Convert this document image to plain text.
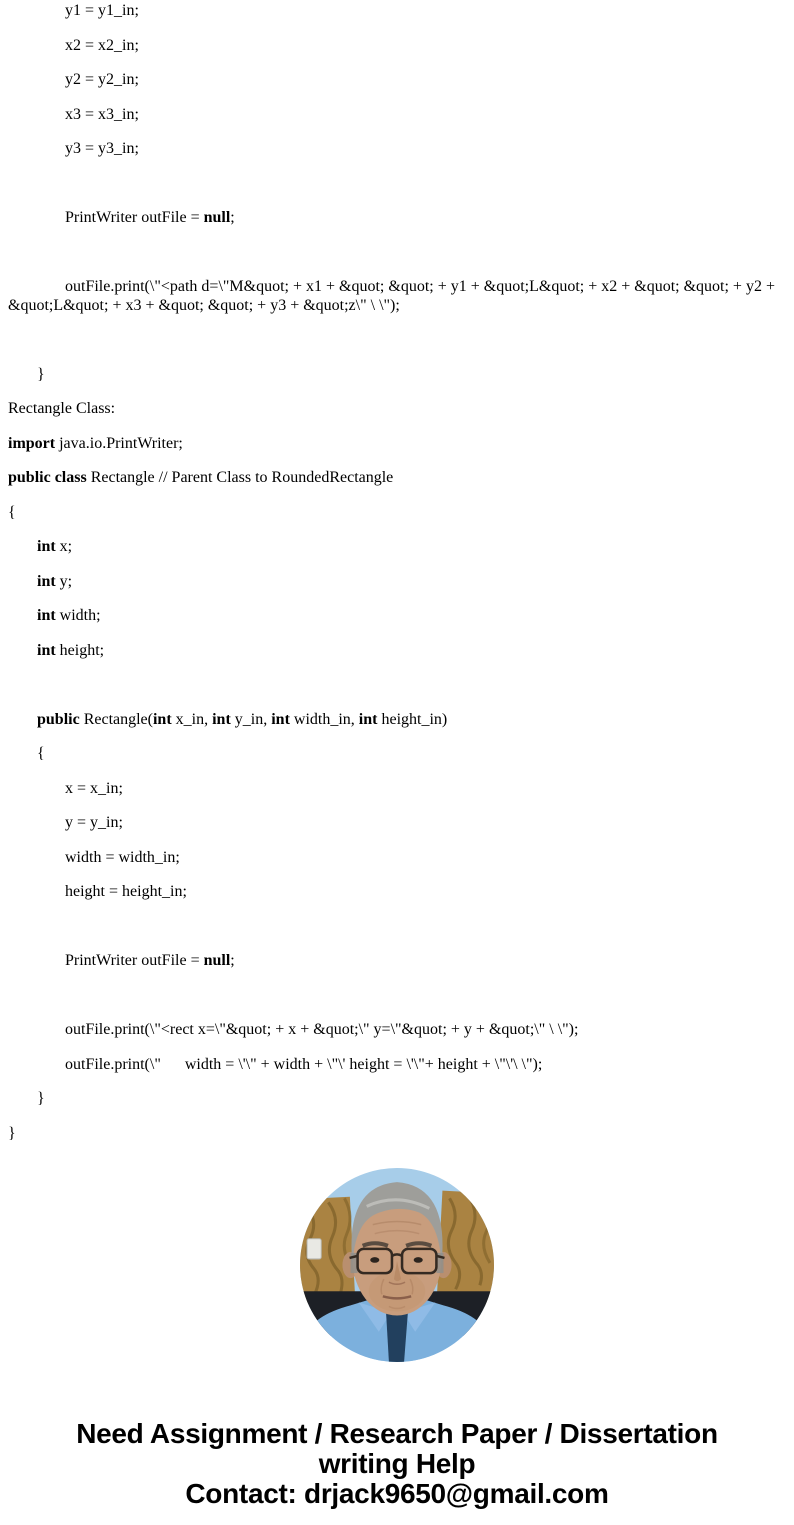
y1 = y1_in;

x2 = x2_in;

y2 = y2_in;

x3 = x3_in;

y3 = y3_in;

PrintWriter outFile = null;

outFile.print(\"<path d=\"M&quot; + x1 + &quot; &quot; + y1 + &quot;L&quot; + x2 + &quot; &quot; + y2 + &quot;L&quot; + x3 + &quot; &quot; + y3 + &quot;z\" \ \");

}

Rectangle Class:

import java.io.PrintWriter;

public class Rectangle // Parent Class to RoundedRectangle

{

int x;

int y;

int width;

int height;

public Rectangle(int x_in, int y_in, int width_in, int height_in)

{

x = x_in;

y = y_in;

width = width_in;

height = height_in;

PrintWriter outFile = null;

outFile.print(\"<rect x=\"&quot; + x + &quot;\" y=\"&quot; + y + &quot;\" \ \");

outFile.print(\"      width = \'\" + width + \"\' height = \'\"+ height + \"\'\ \");

}

}

Need Assignment / Research Paper / Dissertation
writing Help
Contact: drjack9650@gmail.com
